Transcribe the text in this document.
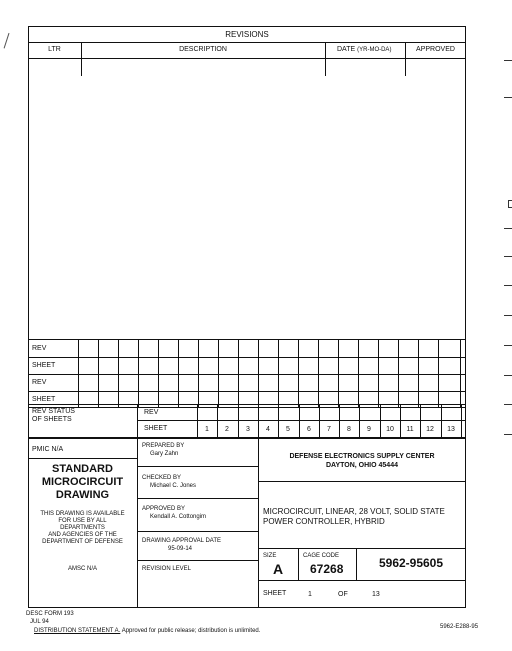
REVISIONS
LTR	DESCRIPTION	DATE (YR-MO-DA)	APPROVED
REV
SHEET
REV
SHEET
REV STATUS
OF SHEETS
REV
SHEET	1	2	3	4	5	6	7	8	9	10	11	12	13
PMIC N/A
STANDARD
MICROCIRCUIT
DRAWING
THIS DRAWING IS AVAILABLE
FOR USE BY ALL
DEPARTMENTS
AND AGENCIES OF THE
DEPARTMENT OF DEFENSE
AMSC N/A
PREPARED BY
Gary Zahn
CHECKED BY
Michael C. Jones
APPROVED BY
Kendall A. Cottongim
DRAWING APPROVAL DATE
95-09-14
REVISION LEVEL
DEFENSE ELECTRONICS SUPPLY CENTER
DAYTON, OHIO 45444
MICROCIRCUIT, LINEAR, 28 VOLT, SOLID STATE
POWER CONTROLLER, HYBRID
SIZE
A
CAGE CODE
67268	5962-95605
SHEET	1	OF	13
DESC FORM 193
JUL 94
DISTRIBUTION STATEMENT A. Approved for public release; distribution is unlimited.
5962-E288-95
